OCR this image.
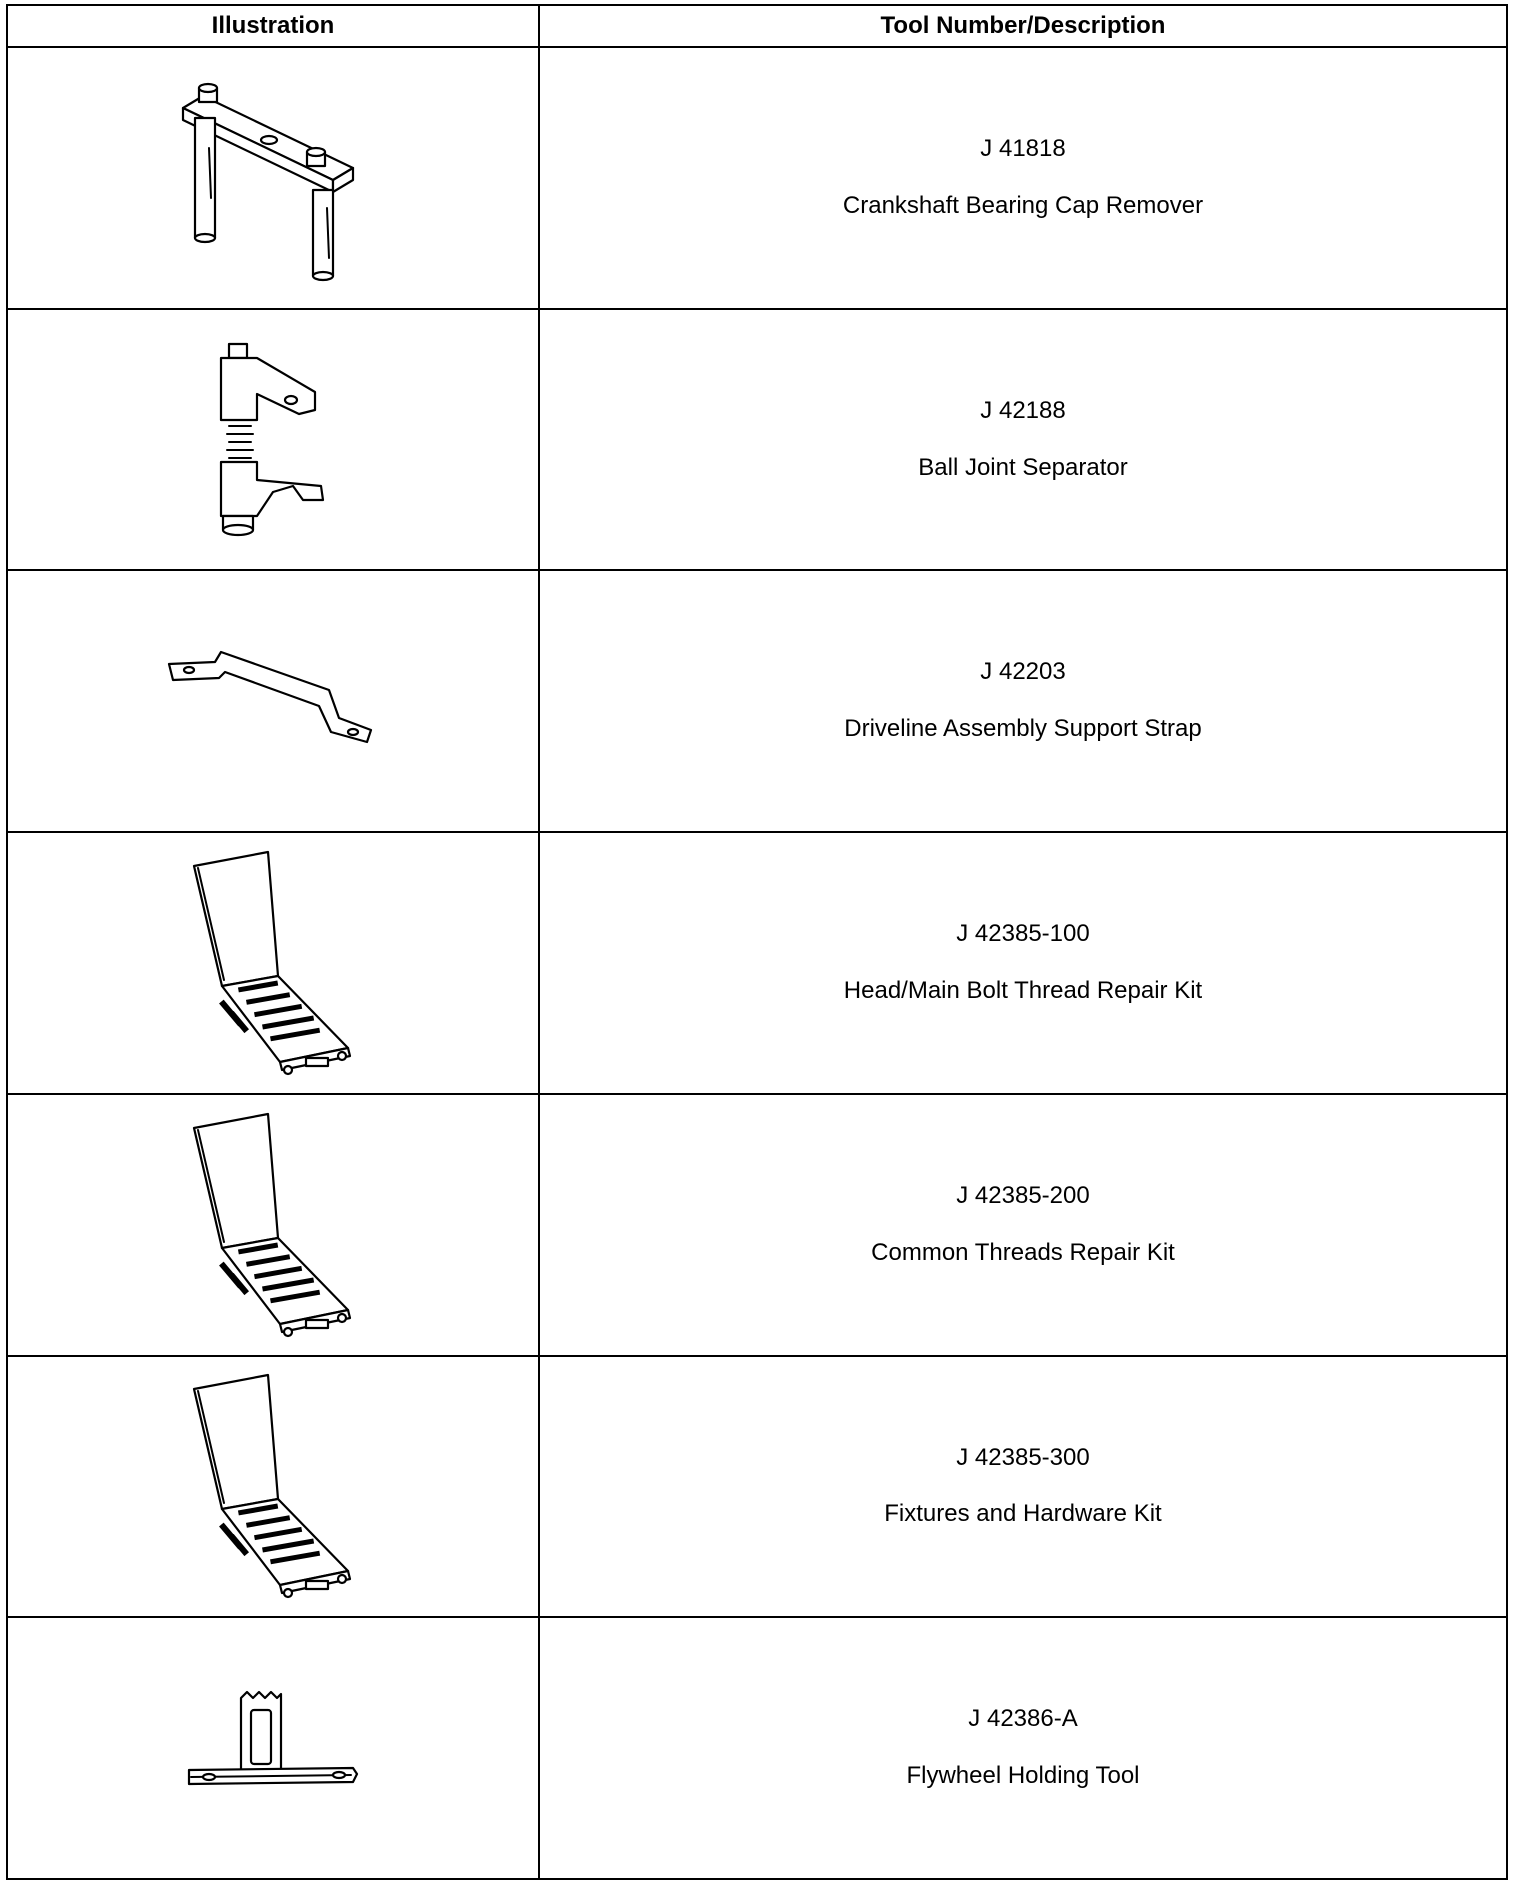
Illustration	Tool Number/Description

J 41818
Crankshaft Bearing Cap Remover

J 42188
Ball Joint Separator

J 42203
Driveline Assembly Support Strap

J 42385-100
Head/Main Bolt Thread Repair Kit

J 42385-200
Common Threads Repair Kit

J 42385-300
Fixtures and Hardware Kit

J 42386-A
Flywheel Holding Tool
